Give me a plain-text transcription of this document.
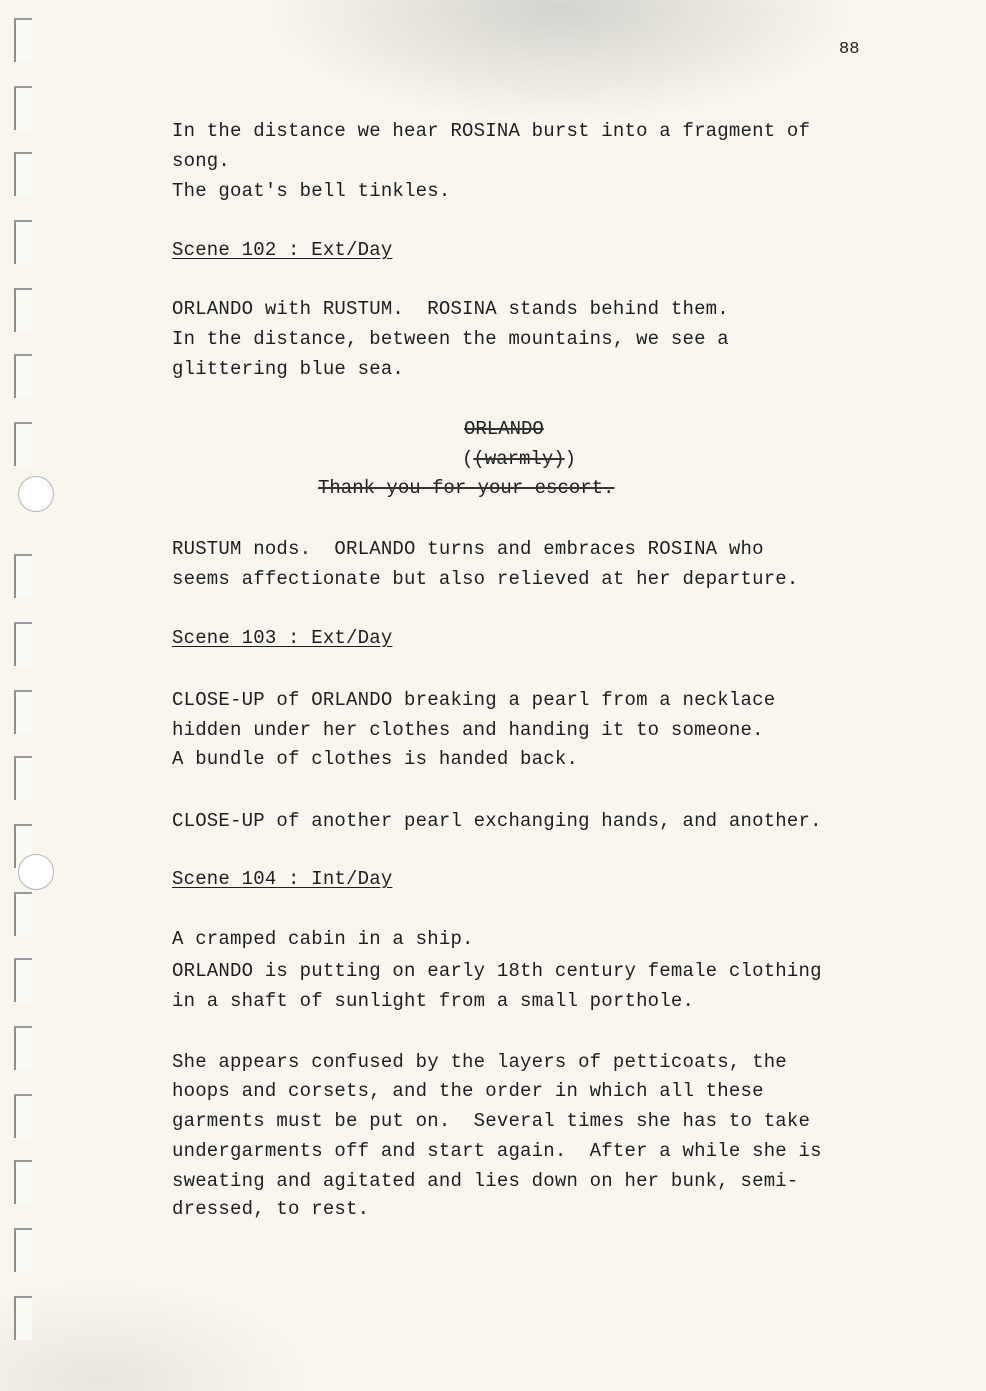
88
In the distance we hear ROSINA burst into a fragment of
song.
The goat's bell tinkles.
Scene 102 : Ext/Day
ORLANDO with RUSTUM.  ROSINA stands behind them.
In the distance, between the mountains, we see a
glittering blue sea.
ORLANDO
((warmly))
Thank you for your escort.
RUSTUM nods.  ORLANDO turns and embraces ROSINA who
seems affectionate but also relieved at her departure.
Scene 103 : Ext/Day
CLOSE-UP of ORLANDO breaking a pearl from a necklace
hidden under her clothes and handing it to someone.
A bundle of clothes is handed back.
CLOSE-UP of another pearl exchanging hands, and another.
Scene 104 : Int/Day
A cramped cabin in a ship.
ORLANDO is putting on early 18th century female clothing
in a shaft of sunlight from a small porthole.
She appears confused by the layers of petticoats, the
hoops and corsets, and the order in which all these
garments must be put on.  Several times she has to take
undergarments off and start again.  After a while she is
sweating and agitated and lies down on her bunk, semi-
dressed, to rest.
